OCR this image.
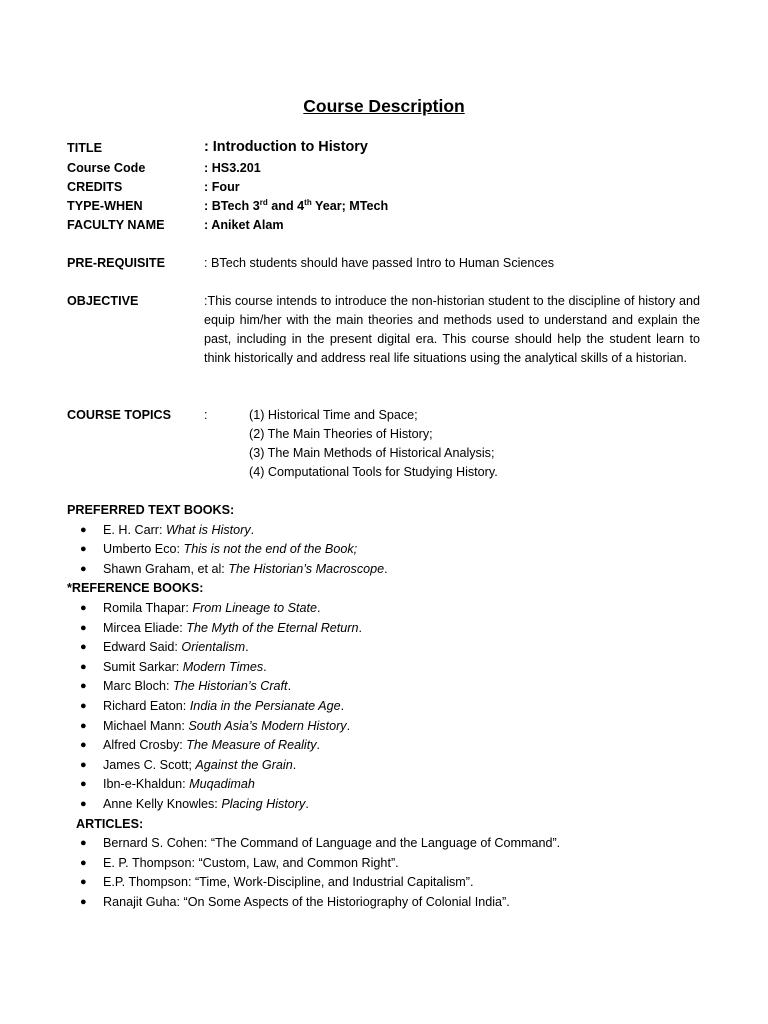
Course Description
TITLE	: Introduction to History
Course Code	: HS3.201
CREDITS	: Four
TYPE-WHEN	: BTech 3rd and 4th Year; MTech
FACULTY NAME	: Aniket Alam
PRE-REQUISITE	: BTech students should have passed Intro to Human Sciences
OBJECTIVE	:This course intends to introduce the non-historian student to the discipline of history and equip him/her with the main theories and methods used to understand and explain the past, including in the present digital era. This course should help the student learn to think historically and address real life situations using the analytical skills of a historian.
COURSE TOPICS	:	(1) Historical Time and Space;
(2) The Main Theories of History;
(3) The Main Methods of Historical Analysis;
(4) Computational Tools for Studying History.
PREFERRED TEXT BOOKS:
● E. H. Carr: What is History.
● Umberto Eco: This is not the end of the Book;
● Shawn Graham, et al: The Historian’s Macroscope.
*REFERENCE BOOKS:
● Romila Thapar: From Lineage to State.
● Mircea Eliade: The Myth of the Eternal Return.
● Edward Said: Orientalism.
● Sumit Sarkar: Modern Times.
● Marc Bloch: The Historian’s Craft.
● Richard Eaton: India in the Persianate Age.
● Michael Mann: South Asia’s Modern History.
● Alfred Crosby: The Measure of Reality.
● James C. Scott; Against the Grain.
● Ibn-e-Khaldun: Muqadimah
● Anne Kelly Knowles: Placing History.
ARTICLES:
● Bernard S. Cohen: “The Command of Language and the Language of Command”.
● E. P. Thompson: “Custom, Law, and Common Right”.
● E.P. Thompson: “Time, Work-Discipline, and Industrial Capitalism”.
● Ranajit Guha: “On Some Aspects of the Historiography of Colonial India”.
